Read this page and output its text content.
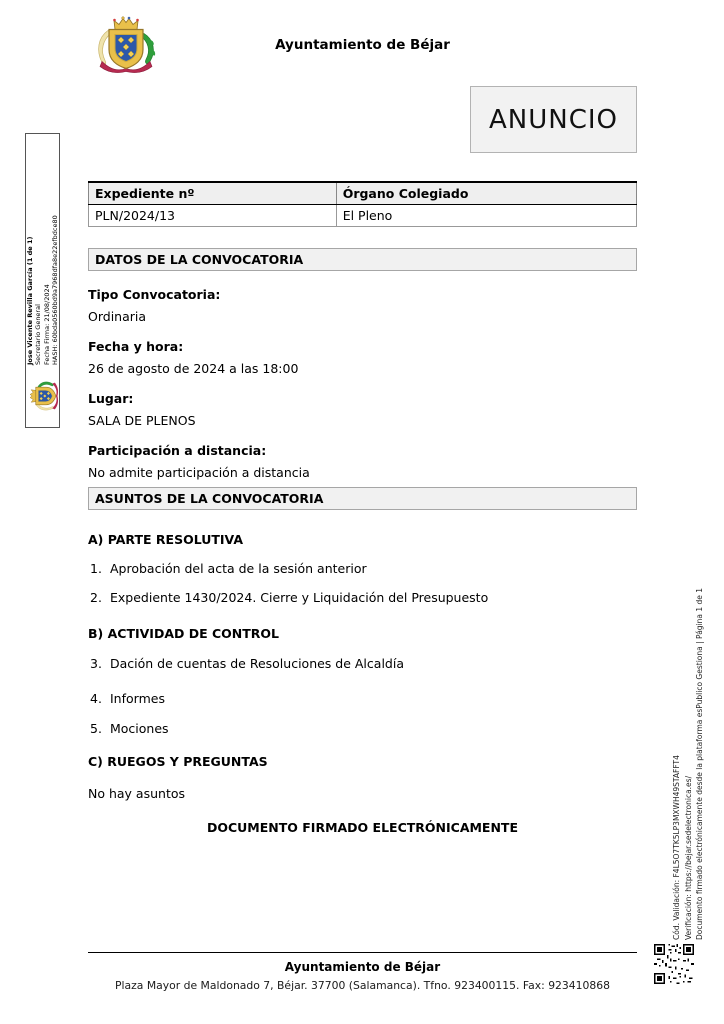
Ayuntamiento de Béjar
ANUNCIO
Expediente nº	Órgano Colegiado
PLN/2024/13	El Pleno
DATOS DE LA CONVOCATORIA
Tipo Convocatoria:
Ordinaria
Fecha y hora:
26 de agosto de 2024 a las 18:00
Lugar:
SALA DE PLENOS
Participación a distancia:
No admite participación a distancia
ASUNTOS DE LA CONVOCATORIA
A) PARTE RESOLUTIVA
1. Aprobación del acta de la sesión anterior
2. Expediente 1430/2024. Cierre y Liquidación del Presupuesto
B) ACTIVIDAD DE CONTROL
3. Dación de cuentas de Resoluciones de Alcaldía
4. Informes
5. Mociones
C) RUEGOS Y PREGUNTAS
No hay asuntos
DOCUMENTO FIRMADO ELECTRÓNICAMENTE
Ayuntamiento de Béjar
Plaza Mayor de Maldonado 7, Béjar. 37700 (Salamanca). Tfno. 923400115. Fax: 923410868
Jose Vicente Revilla García (1 de 1) Secretario General Fecha Firma: 21/08/2024 HASH: 60bda0560bd9a7968dfa8e22efbdce80
Cód. Validación: F4L5O7TK5LP3MXWH49STAFFT4 Verificación: https://bejar.sedelectronica.es/ Documento firmado electrónicamente desde la plataforma esPublico Gestiona | Página 1 de 1
